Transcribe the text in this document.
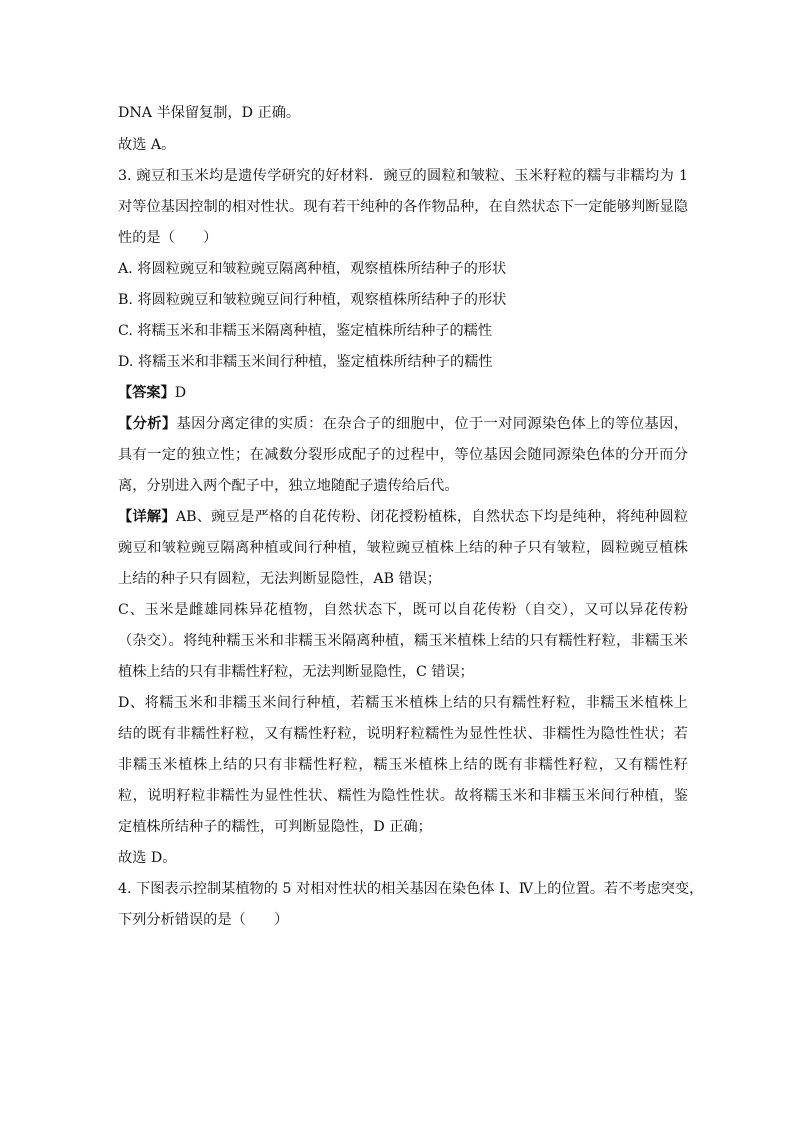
DNA 半保留复制，D 正确。
故选 A。
3. 豌豆和玉米均是遗传学研究的好材料．豌豆的圆粒和皱粒、玉米籽粒的糯与非糯均为 1
对等位基因控制的相对性状。现有若干纯种的各作物品种，在自然状态下一定能够判断显隐
性的是（　　）
A. 将圆粒豌豆和皱粒豌豆隔离种植，观察植株所结种子的形状
B. 将圆粒豌豆和皱粒豌豆间行种植，观察植株所结种子的形状
C. 将糯玉米和非糯玉米隔离种植，鉴定植株所结种子的糯性
D. 将糯玉米和非糯玉米间行种植，鉴定植株所结种子的糯性
【答案】D
【分析】基因分离定律的实质：在杂合子的细胞中，位于一对同源染色体上的等位基因，
具有一定的独立性；在减数分裂形成配子的过程中，等位基因会随同源染色体的分开而分
离，分别进入两个配子中，独立地随配子遗传给后代。
【详解】AB、豌豆是严格的自花传粉、闭花授粉植株，自然状态下均是纯种，将纯种圆粒
豌豆和皱粒豌豆隔离种植或间行种植，皱粒豌豆植株上结的种子只有皱粒，圆粒豌豆植株
上结的种子只有圆粒，无法判断显隐性，AB 错误；
C、玉米是雌雄同株异花植物，自然状态下，既可以自花传粉（自交），又可以异花传粉
（杂交）。将纯种糯玉米和非糯玉米隔离种植，糯玉米植株上结的只有糯性籽粒，非糯玉米
植株上结的只有非糯性籽粒，无法判断显隐性，C 错误；
D、将糯玉米和非糯玉米间行种植，若糯玉米植株上结的只有糯性籽粒，非糯玉米植株上
结的既有非糯性籽粒，又有糯性籽粒，说明籽粒糯性为显性性状、非糯性为隐性性状；若
非糯玉米植株上结的只有非糯性籽粒，糯玉米植株上结的既有非糯性籽粒，又有糯性籽
粒，说明籽粒非糯性为显性性状、糯性为隐性性状。故将糯玉米和非糯玉米间行种植，鉴
定植株所结种子的糯性，可判断显隐性，D 正确；
故选 D。
4. 下图表示控制某植物的 5 对相对性状的相关基因在染色体 I、Ⅳ上的位置。若不考虑突变，
下列分析错误的是（　　）
